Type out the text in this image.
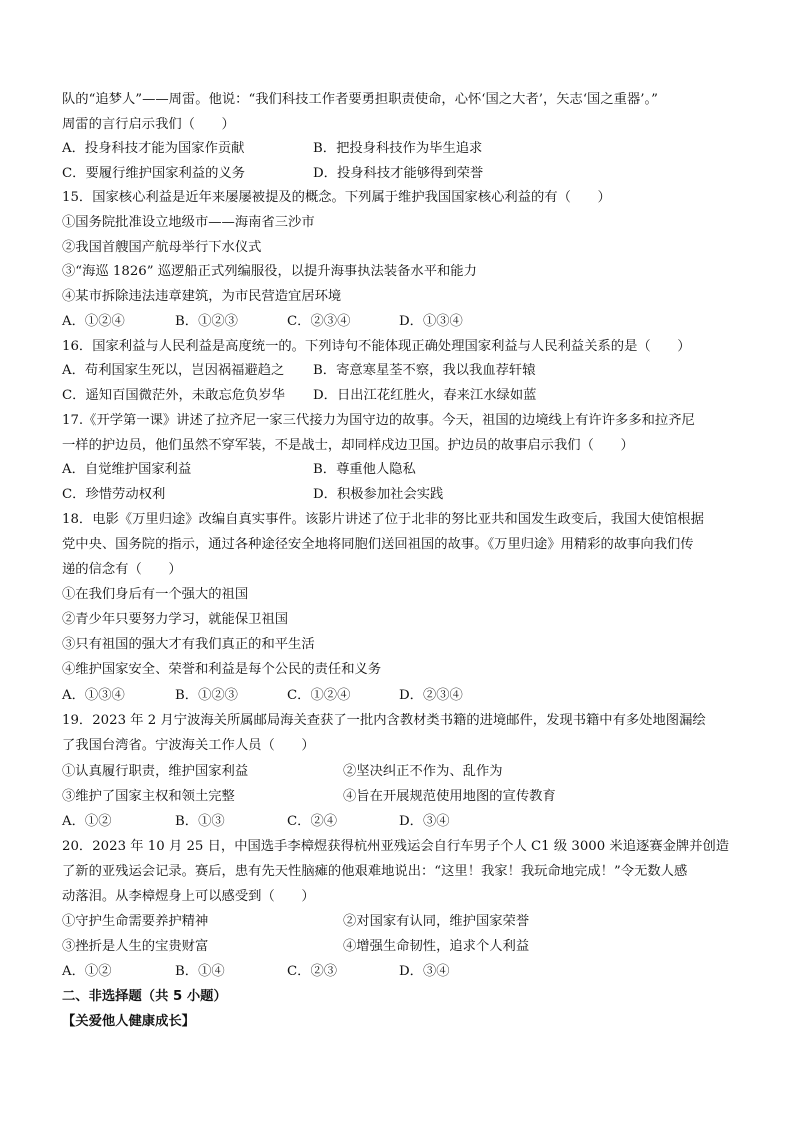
队的“追梦人”——周雷。他说：“我们科技工作者要勇担职责使命，心怀‘国之大者’，矢志‘国之重器’。”
周雷的言行启示我们（　　）
A．投身科技才能为国家作贡献	B．把投身科技作为毕生追求
C．要履行维护国家利益的义务	D．投身科技才能够得到荣誉
15．国家核心利益是近年来屡屡被提及的概念。下列属于维护我国国家核心利益的有（　　）
①国务院批准设立地级市——海南省三沙市
②我国首艘国产航母举行下水仪式
③“海巡 1826” 巡逻船正式列编服役，以提升海事执法装备水平和能力
④某市拆除违法违章建筑，为市民营造宜居环境
A．①②④	B．①②③	C．②③④	D．①③④
16．国家利益与人民利益是高度统一的。下列诗句不能体现正确处理国家利益与人民利益关系的是（　　）
A．苟利国家生死以，岂因祸福避趋之 B．寄意寒星荃不察，我以我血荐轩辕
C．遥知百国微茫外，未敢忘危负岁华 D．日出江花红胜火，春来江水绿如蓝
17.《开学第一课》讲述了拉齐尼一家三代接力为国守边的故事。今天，祖国的边境线上有许许多多和拉齐尼
一样的护边员，他们虽然不穿军装，不是战士，却同样戍边卫国。护边员的故事启示我们（　　）
A．自觉维护国家利益	B．尊重他人隐私
C．珍惜劳动权利	D．积极参加社会实践
18．电影《万里归途》改编自真实事件。该影片讲述了位于北非的努比亚共和国发生政变后，我国大使馆根据
党中央、国务院的指示，通过各种途径安全地将同胞们送回祖国的故事。《万里归途》用精彩的故事向我们传
递的信念有（　　）
①在我们身后有一个强大的祖国
②青少年只要努力学习，就能保卫祖国
③只有祖国的强大才有我们真正的和平生活
④维护国家安全、荣誉和利益是每个公民的责任和义务
A．①③④	B．①②③	C．①②④	D．②③④
19．2023 年 2 月宁波海关所属邮局海关查获了一批内含教材类书籍的进境邮件，发现书籍中有多处地图漏绘
了我国台湾省。宁波海关工作人员（　　）
①认真履行职责，维护国家利益	②坚决纠正不作为、乱作为
③维护了国家主权和领土完整	④旨在开展规范使用地图的宣传教育
A．①②	B．①③	C．②④	D．③④
20．2023 年 10 月 25 日，中国选手李樟煜获得杭州亚残运会自行车男子个人 C1 级 3000 米追逐赛金牌并创造
了新的亚残运会记录。赛后，患有先天性脑瘫的他艰难地说出：“这里！我家！我玩命地完成！”令无数人感
动落泪。从李樟煜身上可以感受到（　　）
①守护生命需要养护精神	②对国家有认同，维护国家荣誉
③挫折是人生的宝贵财富	④增强生命韧性，追求个人利益
A．①②	B．①④	C．②③	D．③④
二、非选择题（共 5 小题）
【关爱他人健康成长】
